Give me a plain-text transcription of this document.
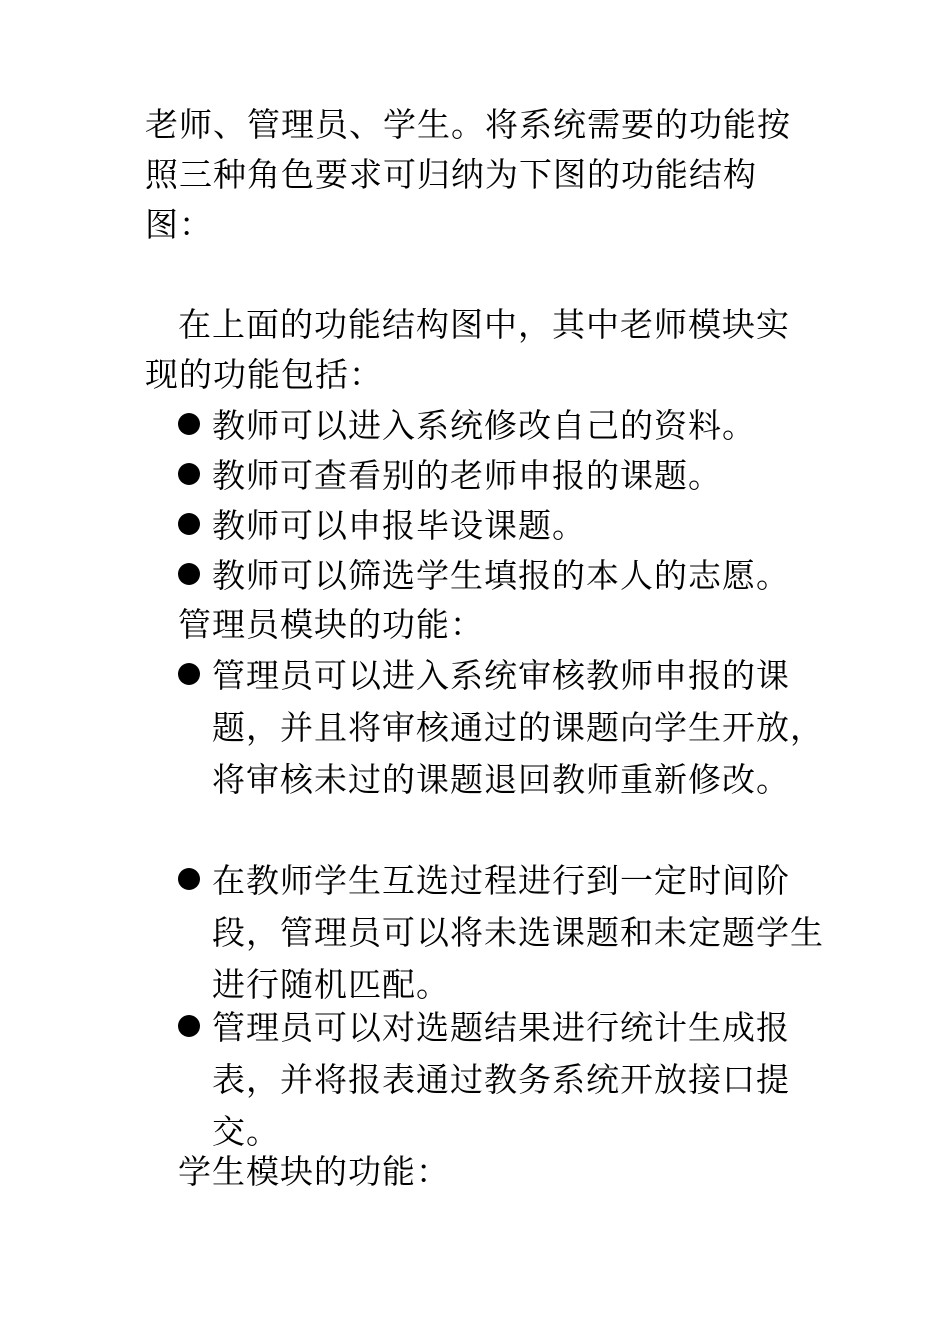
老师、管理员、学生。将系统需要的功能按
照三种角色要求可归纳为下图的功能结构
图：
在上面的功能结构图中，其中老师模块实
现的功能包括：
教师可以进入系统修改自己的资料。
教师可查看别的老师申报的课题。
教师可以申报毕设课题。
教师可以筛选学生填报的本人的志愿。
管理员模块的功能：
管理员可以进入系统审核教师申报的课题，并且将审核通过的课题向学生开放，将审核未过的课题退回教师重新修改。
在教师学生互选过程进行到一定时间阶段，管理员可以将未选课题和未定题学生进行随机匹配。
管理员可以对选题结果进行统计生成报表，并将报表通过教务系统开放接口提交。
学生模块的功能：
